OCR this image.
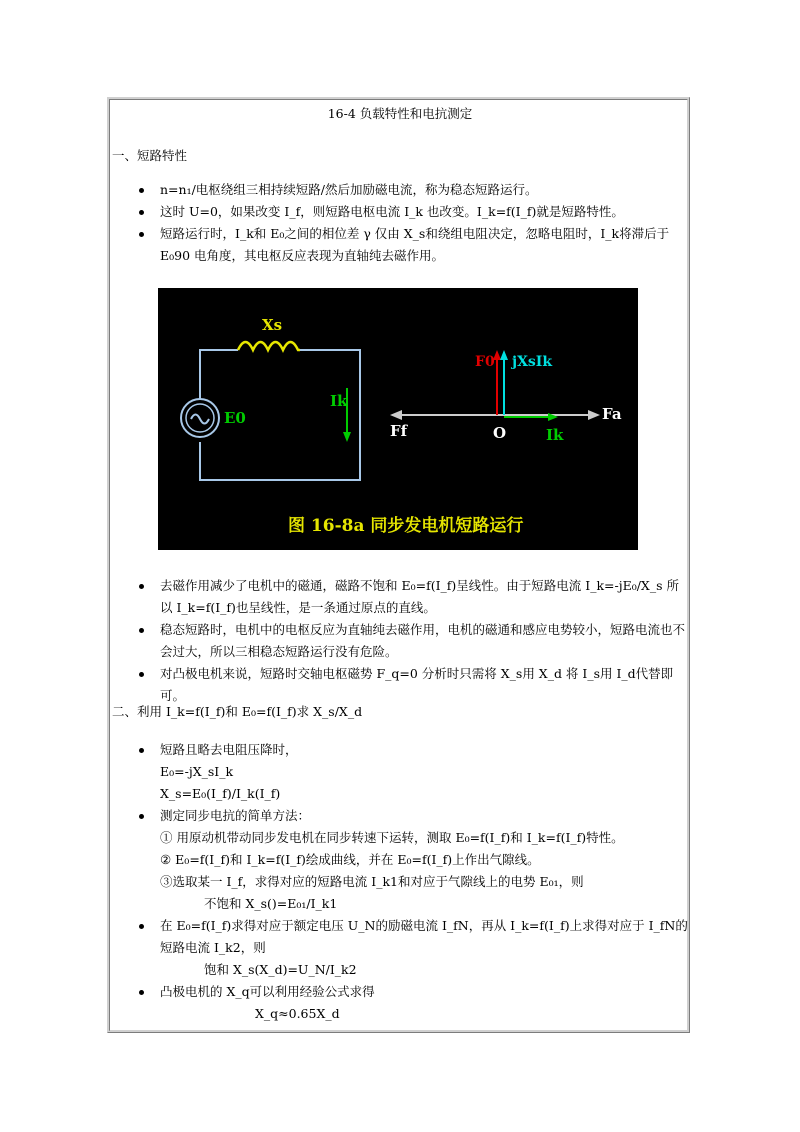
16-4 负载特性和电抗测定
一、短路特性
n=n₁/电枢绕组三相持续短路/然后加励磁电流，称为稳态短路运行。
这时 U=0，如果改变 I_f，则短路电枢电流 I_k 也改变。I_k=f(I_f)就是短路特性。
短路运行时，I_k和 E₀之间的相位差 γ 仅由 X_s和绕组电阻决定，忽略电阻时，I_k将滞后于 E₀90 电角度，其电枢反应表现为直轴纯去磁作用。
Xs
E0
Ik
F0 jXsIk
Ff
Fa
O	Ik
图 16-8a 同步发电机短路运行
去磁作用减少了电机中的磁通，磁路不饱和 E₀=f(I_f)呈线性。由于短路电流 I_k=-jE₀/X_s 所以 I_k=f(I_f)也呈线性，是一条通过原点的直线。
稳态短路时，电机中的电枢反应为直轴纯去磁作用，电机的磁通和感应电势较小，短路电流也不会过大，所以三相稳态短路运行没有危险。
对凸极电机来说，短路时交轴电枢磁势 F_q=0 分析时只需将 X_s用 X_d 将 I_s用 I_d代替即可。
二、利用 I_k=f(I_f)和 E₀=f(I_f)求 X_s/X_d
短路且略去电阻压降时，
E₀=-jX_sI_k
X_s=E₀(I_f)/I_k(I_f)
测定同步电抗的简单方法：
① 用原动机带动同步发电机在同步转速下运转，测取 E₀=f(I_f)和 I_k=f(I_f)特性。
② E₀=f(I_f)和 I_k=f(I_f)绘成曲线，并在 E₀=f(I_f)上作出气隙线。
③选取某一 I_f，求得对应的短路电流 I_k1和对应于气隙线上的电势 E₀₁，则
不饱和 X_s()=E₀₁/I_k1
在 E₀=f(I_f)求得对应于额定电压 U_N的励磁电流 I_fN，再从 I_k=f(I_f)上求得对应于 I_fN的短路电流 I_k2，则
饱和 X_s(X_d)=U_N/I_k2
凸极电机的 X_q可以利用经验公式求得
X_q≈0.65X_d
